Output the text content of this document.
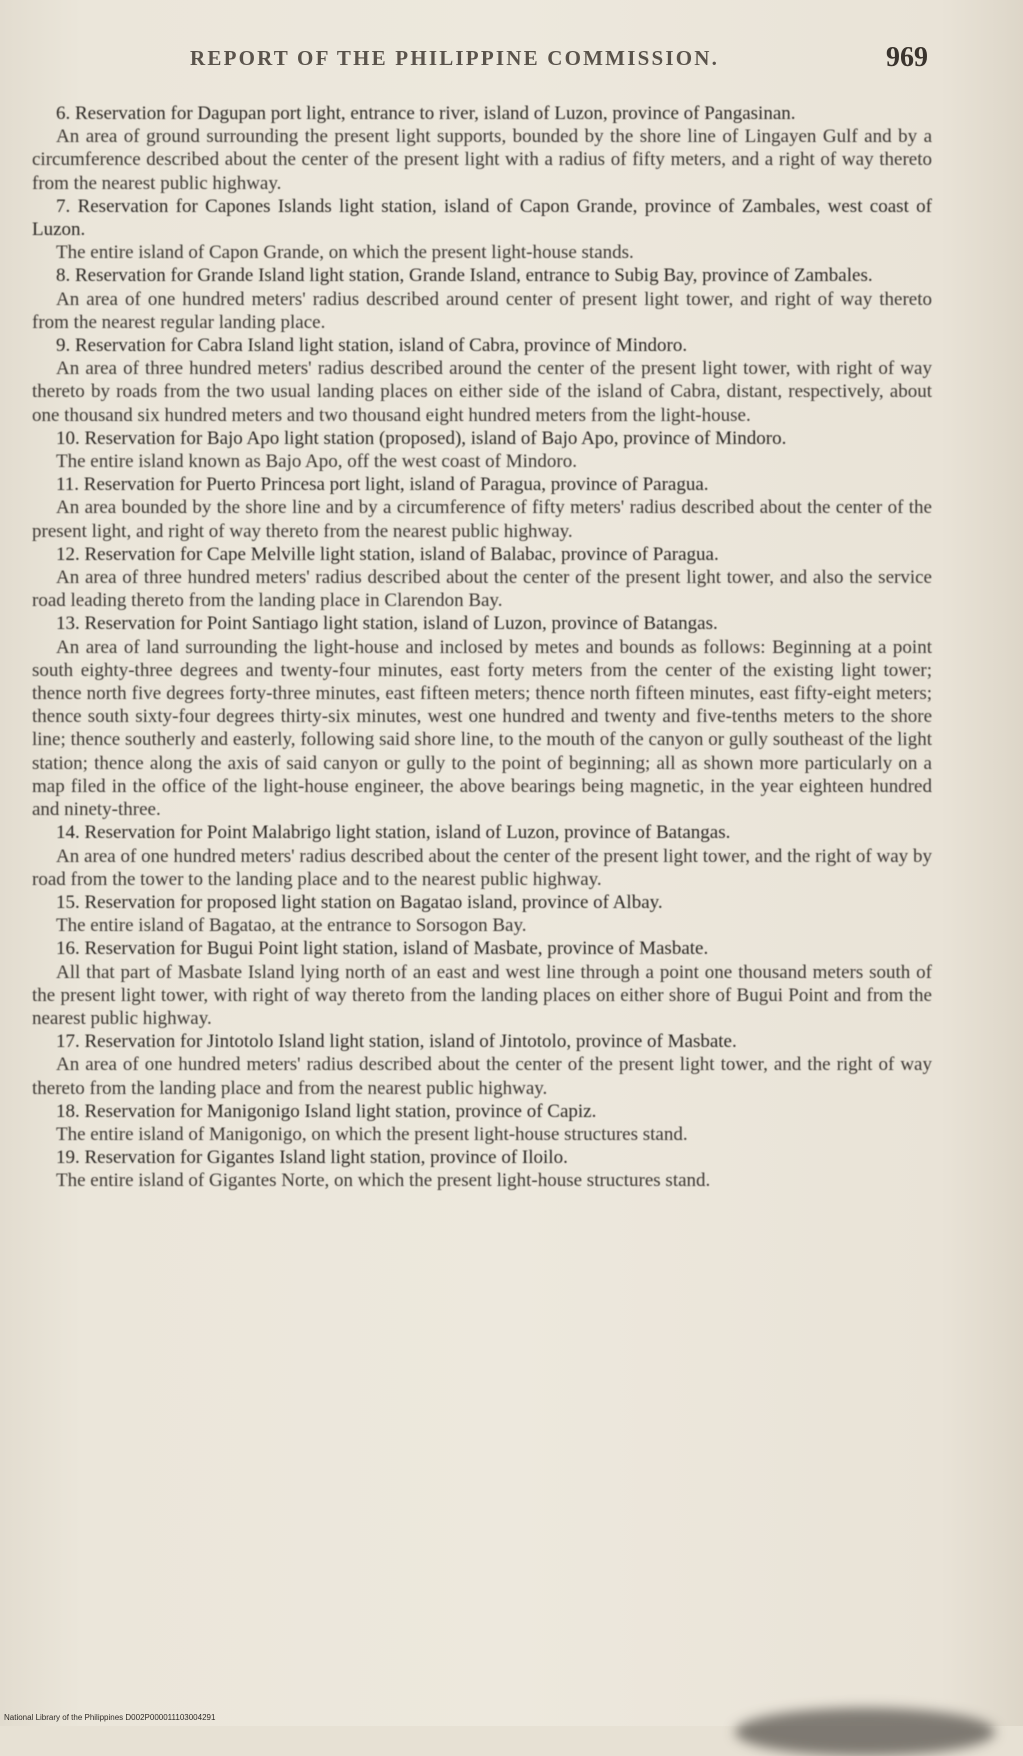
REPORT OF THE PHILIPPINE COMMISSION.	969

6. Reservation for Dagupan port light, entrance to river, island of Luzon, province of Pangasinan.

An area of ground surrounding the present light supports, bounded by the shore line of Lingayen Gulf and by a circumference described about the center of the present light with a radius of fifty meters, and a right of way thereto from the nearest public highway.

7. Reservation for Capones Islands light station, island of Capon Grande, province of Zambales, west coast of Luzon.

The entire island of Capon Grande, on which the present light-house stands.

8. Reservation for Grande Island light station, Grande Island, entrance to Subig Bay, province of Zambales.

An area of one hundred meters' radius described around center of present light tower, and right of way thereto from the nearest regular landing place.

9. Reservation for Cabra Island light station, island of Cabra, province of Mindoro.

An area of three hundred meters' radius described around the center of the present light tower, with right of way thereto by roads from the two usual landing places on either side of the island of Cabra, distant, respectively, about one thousand six hundred meters and two thousand eight hundred meters from the light-house.

10. Reservation for Bajo Apo light station (proposed), island of Bajo Apo, province of Mindoro.

The entire island known as Bajo Apo, off the west coast of Mindoro.

11. Reservation for Puerto Princesa port light, island of Paragua, province of Paragua.

An area bounded by the shore line and by a circumference of fifty meters' radius described about the center of the present light, and right of way thereto from the nearest public highway.

12. Reservation for Cape Melville light station, island of Balabac, province of Paragua.

An area of three hundred meters' radius described about the center of the present light tower, and also the service road leading thereto from the landing place in Clarendon Bay.

13. Reservation for Point Santiago light station, island of Luzon, province of Batangas.

An area of land surrounding the light-house and inclosed by metes and bounds as follows: Beginning at a point south eighty-three degrees and twenty-four minutes, east forty meters from the center of the existing light tower; thence north five degrees forty-three minutes, east fifteen meters; thence north fifteen minutes, east fifty-eight meters; thence south sixty-four degrees thirty-six minutes, west one hundred and twenty and five-tenths meters to the shore line; thence southerly and easterly, following said shore line, to the mouth of the canyon or gully southeast of the light station; thence along the axis of said canyon or gully to the point of beginning; all as shown more particularly on a map filed in the office of the light-house engineer, the above bearings being magnetic, in the year eighteen hundred and ninety-three.

14. Reservation for Point Malabrigo light station, island of Luzon, province of Batangas.

An area of one hundred meters' radius described about the center of the present light tower, and the right of way by road from the tower to the landing place and to the nearest public highway.

15. Reservation for proposed light station on Bagatao island, province of Albay.

The entire island of Bagatao, at the entrance to Sorsogon Bay.

16. Reservation for Bugui Point light station, island of Masbate, province of Masbate.

All that part of Masbate Island lying north of an east and west line through a point one thousand meters south of the present light tower, with right of way thereto from the landing places on either shore of Bugui Point and from the nearest public highway.

17. Reservation for Jintotolo Island light station, island of Jintotolo, province of Masbate.

An area of one hundred meters' radius described about the center of the present light tower, and the right of way thereto from the landing place and from the nearest public highway.

18. Reservation for Manigonigo Island light station, province of Capiz.

The entire island of Manigonigo, on which the present light-house structures stand.

19. Reservation for Gigantes Island light station, province of Iloilo.

The entire island of Gigantes Norte, on which the present light-house structures stand.

National Library of the Philippines D002P000011103004291
